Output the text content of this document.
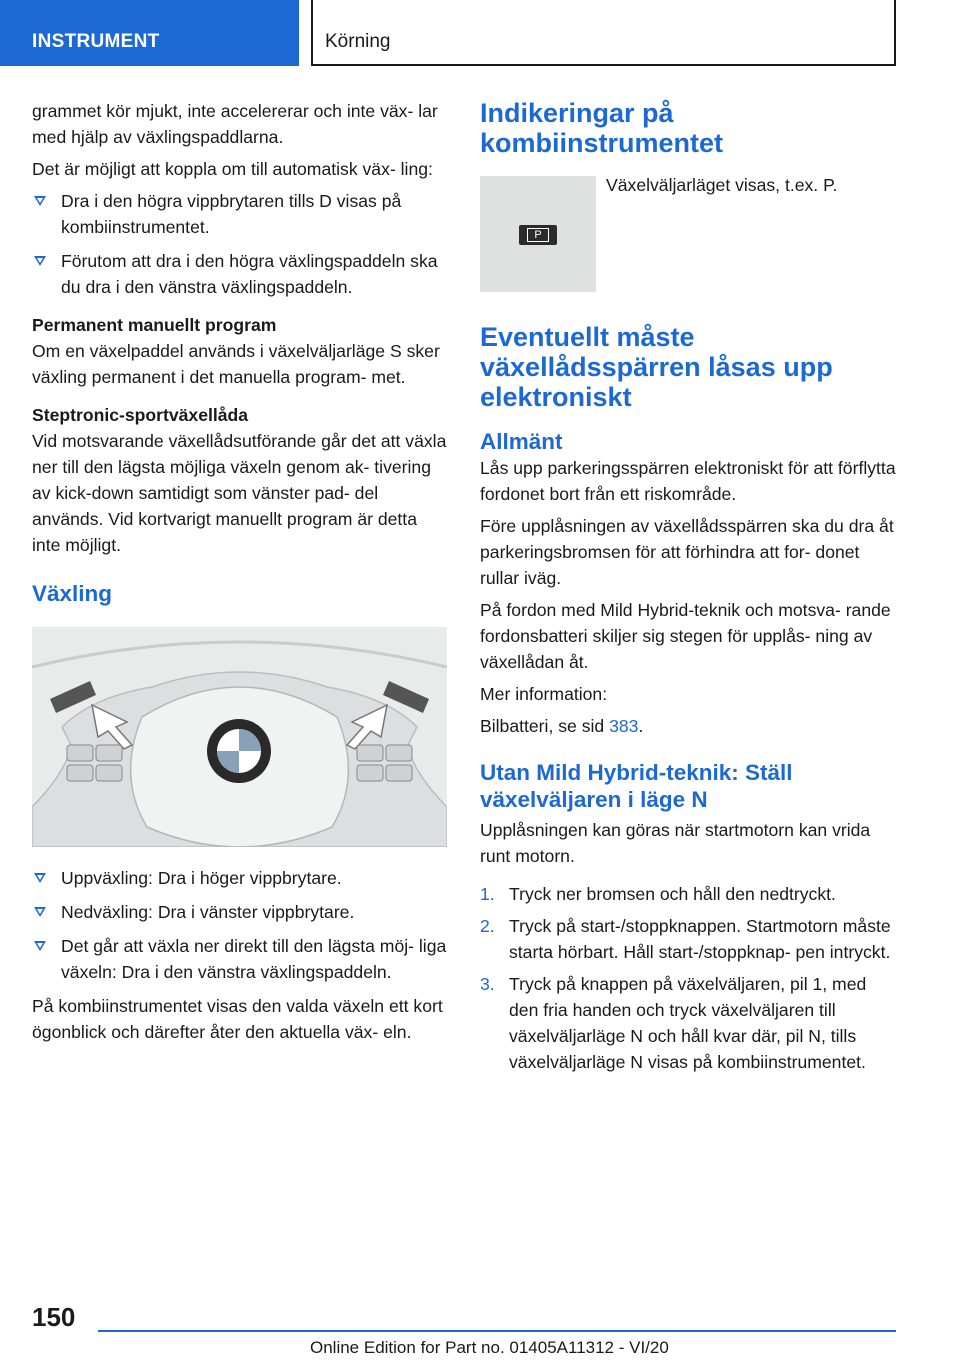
INSTRUMENT	Körning

grammet kör mjukt, inte accelererar och inte väx‐ lar med hjälp av växlingspaddlarna.

Det är möjligt att koppla om till automatisk väx‐ ling:

Dra i den högra vippbrytaren tills D visas på kombiinstrumentet.
Förutom att dra i den högra växlingspaddeln ska du dra i den vänstra växlingspaddeln.
Permanent manuellt program

Om en växelpaddel används i växelväljarläge S sker växling permanent i det manuella program‐ met.

Steptronic-sportväxellåda

Vid motsvarande växellådsutförande går det att växla ner till den lägsta möjliga växeln genom ak‐ tivering av kick-down samtidigt som vänster pad‐ del används. Vid kortvarigt manuellt program är detta inte möjligt.

Växling
Uppväxling: Dra i höger vippbrytare.
Nedväxling: Dra i vänster vippbrytare.
Det går att växla ner direkt till den lägsta möj‐ liga växeln: Dra i den vänstra växlingspaddeln.

På kombiinstrumentet visas den valda växeln ett kort ögonblick och därefter åter den aktuella väx‐ eln.

Indikeringar på kombiinstrumentet
P

Växelväljarläget visas, t.ex. P.

Eventuellt måste växellådsspärren låsas upp elektroniskt
Allmänt

Lås upp parkeringsspärren elektroniskt för att förflytta fordonet bort från ett riskområde.

Före upplåsningen av växellådsspärren ska du dra åt parkeringsbromsen för att förhindra att for‐ donet rullar iväg.

På fordon med Mild Hybrid-teknik och motsva‐ rande fordonsbatteri skiljer sig stegen för upplås‐ ning av växellådan åt.

Mer information:

Bilbatteri, se sid 383.

Utan Mild Hybrid-teknik: Ställ växelväljaren i läge N

Upplåsningen kan göras när startmotorn kan vrida runt motorn.

1. Tryck ner bromsen och håll den nedtryckt.
2. Tryck på start-/stoppknappen. Startmotorn måste starta hörbart. Håll start-/stoppknap‐ pen intryckt.
3. Tryck på knappen på växelväljaren, pil 1, med den fria handen och tryck växelväljaren till växelväljarläge N och håll kvar där, pil N, tills växelväljarläge N visas på kombiinstrumentet.
150
Online Edition for Part no. 01405A11312 - VI/20
